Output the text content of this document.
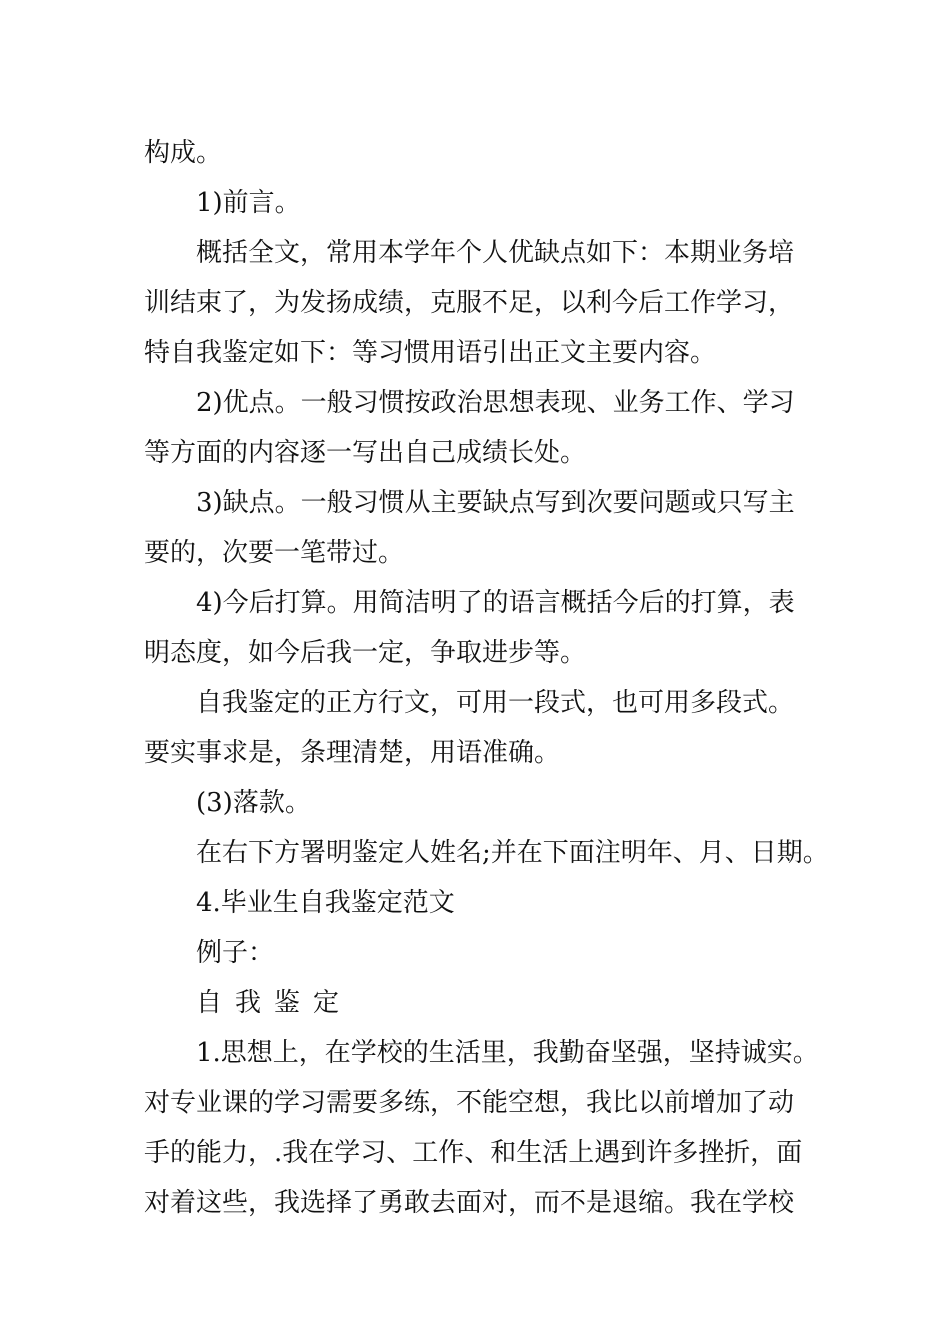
构成。
1)前言。
概括全文，常用本学年个人优缺点如下：本期业务培
训结束了，为发扬成绩，克服不足，以利今后工作学习，
特自我鉴定如下：等习惯用语引出正文主要内容。
2)优点。一般习惯按政治思想表现、业务工作、学习
等方面的内容逐一写出自己成绩长处。
3)缺点。一般习惯从主要缺点写到次要问题或只写主
要的，次要一笔带过。
4)今后打算。用简洁明了的语言概括今后的打算，表
明态度，如今后我一定，争取进步等。
自我鉴定的正方行文，可用一段式，也可用多段式。
要实事求是，条理清楚，用语准确。
(3)落款。
在右下方署明鉴定人姓名;并在下面注明年、月、日期。
4.毕业生自我鉴定范文
例子：
自我鉴定
1.思想上，在学校的生活里，我勤奋坚强，坚持诚实。
对专业课的学习需要多练，不能空想，我比以前增加了动
手的能力，.我在学习、工作、和生活上遇到许多挫折，面
对着这些，我选择了勇敢去面对，而不是退缩。我在学校
